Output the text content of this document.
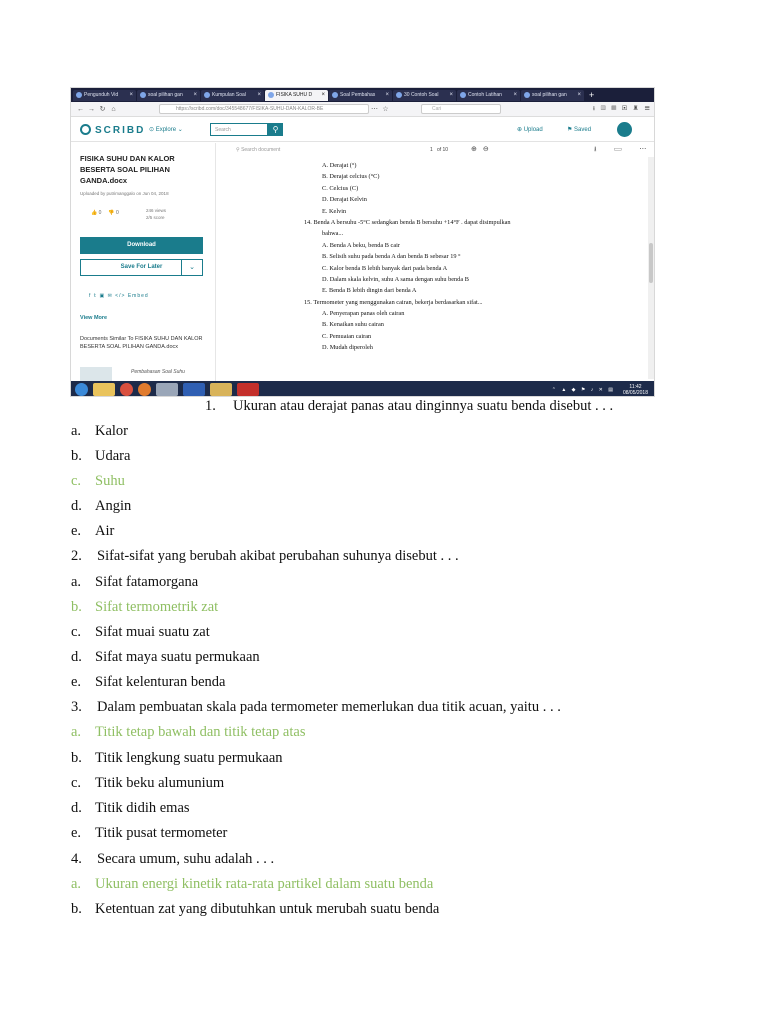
Pengunduh Vid	×	soal pilihan gan	×	Kumpulan Soal	×	FISIKA SUHU D	×	Soal Pembahas	×	30 Contoh Soal	×	Contoh Latihan	×	soal pilihan gan	× +
← → ↻ ⌂	https://scribd.com/doc/345548677/FISIKA-SUHU-DAN-KALOR-BE	⋯ ☆	Cari	⭳ ▥ ▦ ▣ ♜ ☰
SCRIBD ⊙ Explore ⌄	Search	⚲	⊕ Upload	⚑ Saved
FISIKA SUHU DAN KALOR BESERTA SOAL PILIHAN GANDA.docx
Uploaded by putrimanggalo on Jun 04, 2018
👍 0 👎 0	246 views
2/5 score
Download
Save For Later	⌄
f 𝕥 ▣ ✉ </> Embed
View More
Documents Similar To FISIKA SUHU DAN KALOR BESERTA SOAL PILIHAN GANDA.docx
Pembahasan Soal Suhu
⚲ Search document	1 of 10	⊕⊖	⭳ ▭ ⋯
A. Derajat (°)
B. Derajat celcius (°C)
C. Celcius (C)
D. Derajat Kelvin
E. Kelvin
14. Benda A bersuhu -5°C sedangkan benda B bersuhu +14°F . dapat disimpulkan
bahwa...
A. Benda A beku, benda B cair
B. Selisih suhu pada benda A dan benda B sebesar 19 °
C. Kalor benda B lebih banyak dari pada benda A
D. Dalam skala kelvin, suhu A sama dengan suhu benda B
E. Benda B lebih dingin dari benda A
15. Termometer yang menggunakan cairan, bekerja berdasarkan sifat...
A. Penyerapan panas oleh cairan
B. Kenaikan suhu cairan
C. Pemuaian cairan
D. Mudah diperoleh
⌃ ▲ ◆ ⚑ ♪ ✕ ▤	11:42
08/05/2018
1. Ukuran atau derajat panas atau dinginnya suatu benda disebut . . .
a. Kalor
b. Udara
c. Suhu
d. Angin
e. Air
2. Sifat-sifat yang berubah akibat perubahan suhunya disebut . . .
a. Sifat fatamorgana
b. Sifat termometrik zat
c. Sifat muai suatu zat
d. Sifat maya suatu permukaan
e. Sifat kelenturan benda
3. Dalam pembuatan skala pada termometer memerlukan dua titik acuan, yaitu . . .
a. Titik tetap bawah dan titik tetap atas
b. Titik lengkung suatu permukaan
c. Titik beku alumunium
d. Titik didih emas
e. Titik pusat termometer
4. Secara umum, suhu adalah . . .
a. Ukuran energi kinetik rata-rata partikel dalam suatu benda
b. Ketentuan zat yang dibutuhkan untuk merubah suatu benda
